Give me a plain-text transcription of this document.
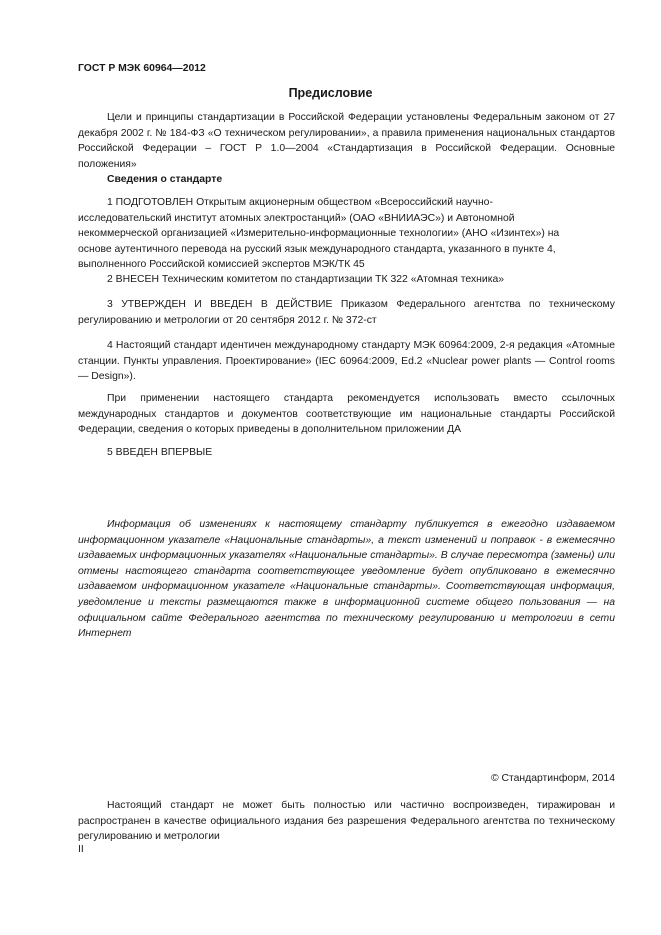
ГОСТ Р МЭК 60964—2012
Предисловие
Цели и принципы стандартизации в Российской Федерации установлены Федеральным законом от 27 декабря 2002 г. № 184-ФЗ «О техническом регулировании», а правила применения национальных стандартов Российской Федерации – ГОСТ Р 1.0—2004 «Стандартизация в Российской Федерации. Основные положения»
Сведения о стандарте
1 ПОДГОТОВЛЕН Открытым акционерным обществом «Всероссийский научно-исследовательский институт атомных электростанций» (ОАО «ВНИИАЭС») и Автономной некоммерческой организацией «Измерительно-информационные технологии» (АНО «Изинтех») на основе аутентичного перевода на русский язык международного стандарта, указанного в пункте 4, выполненного Российской комиссией экспертов МЭК/ТК 45
2 ВНЕСЕН Техническим комитетом по стандартизации ТК 322 «Атомная техника»
3 УТВЕРЖДЕН И ВВЕДЕН В ДЕЙСТВИЕ Приказом Федерального агентства по техническому регулированию и метрологии от 20 сентября 2012 г. № 372-ст
4 Настоящий стандарт идентичен международному стандарту МЭК 60964:2009, 2-я редакция «Атомные станции. Пункты управления. Проектирование» (IEC 60964:2009, Ed.2 «Nuclear power plants — Control rooms — Design»).
При применении настоящего стандарта рекомендуется использовать вместо ссылочных международных стандартов и документов соответствующие им национальные стандарты Российской Федерации, сведения о которых приведены в дополнительном приложении ДА
5 ВВЕДЕН ВПЕРВЫЕ
Информация об изменениях к настоящему стандарту публикуется в ежегодно издаваемом информационном указателе «Национальные стандарты», а текст изменений и поправок - в ежемесячно издаваемых информационных указателях «Национальные стандарты». В случае пересмотра (замены) или отмены настоящего стандарта соответствующее уведомление будет опубликовано в ежемесячно издаваемом информационном указателе «Национальные стандарты». Соответствующая информация, уведомление и тексты размещаются также в информационной системе общего пользования — на официальном сайте Федерального агентства по техническому регулированию и метрологии в сети Интернет
© Стандартинформ, 2014
Настоящий стандарт не может быть полностью или частично воспроизведен, тиражирован и распространен в качестве официального издания без разрешения Федерального агентства по техническому регулированию и метрологии
II
